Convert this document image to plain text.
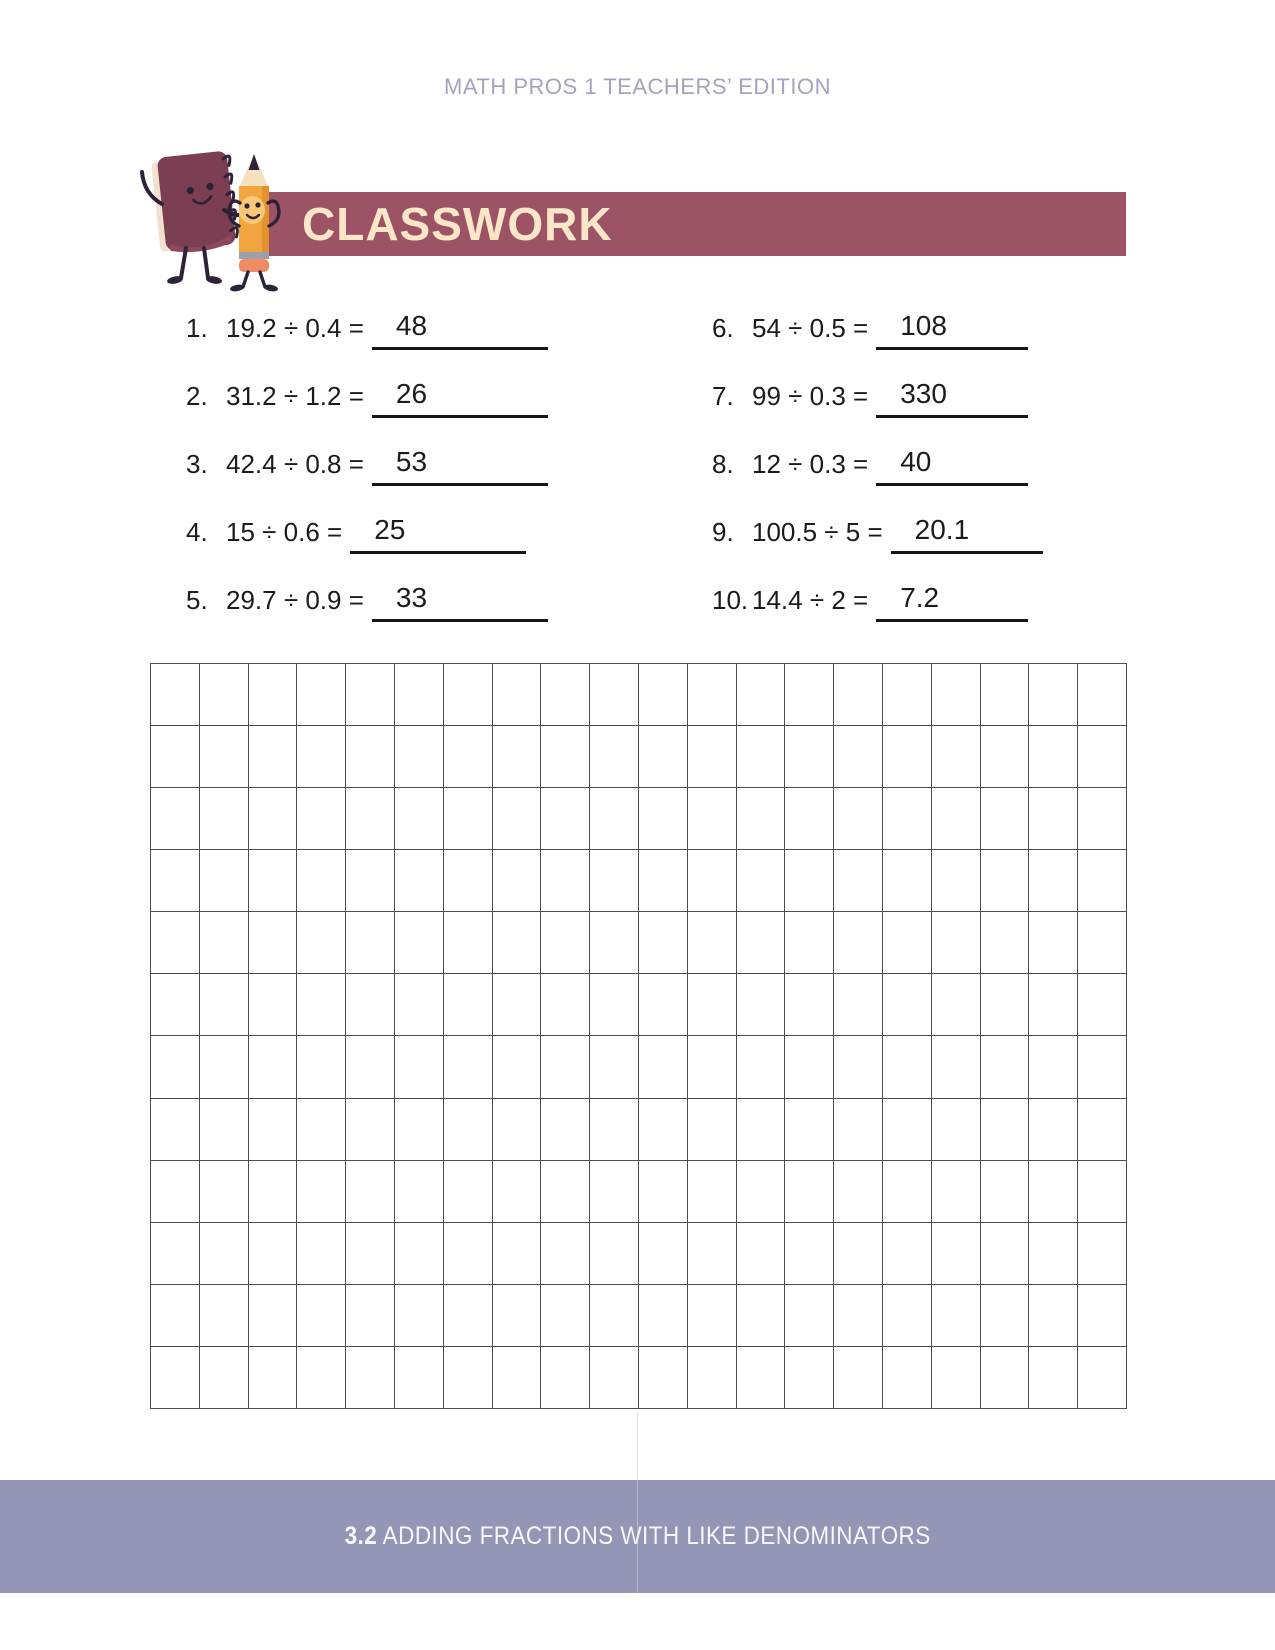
MATH PROS 1 TEACHERS’ EDITION
CLASSWORK
1. 19.2 ÷ 0.4 =	48
2. 31.2 ÷ 1.2 =	26
3. 42.4 ÷ 0.8 =	53
4. 15 ÷ 0.6 =	25
5. 29.7 ÷ 0.9 =	33
6. 54 ÷ 0.5 =	108
7. 99 ÷ 0.3 =	330
8. 12 ÷ 0.3 =	40
9. 100.5 ÷ 5 =	20.1
10. 14.4 ÷ 2 =	7.2
3.2 ADDING FRACTIONS WITH LIKE DENOMINATORS
